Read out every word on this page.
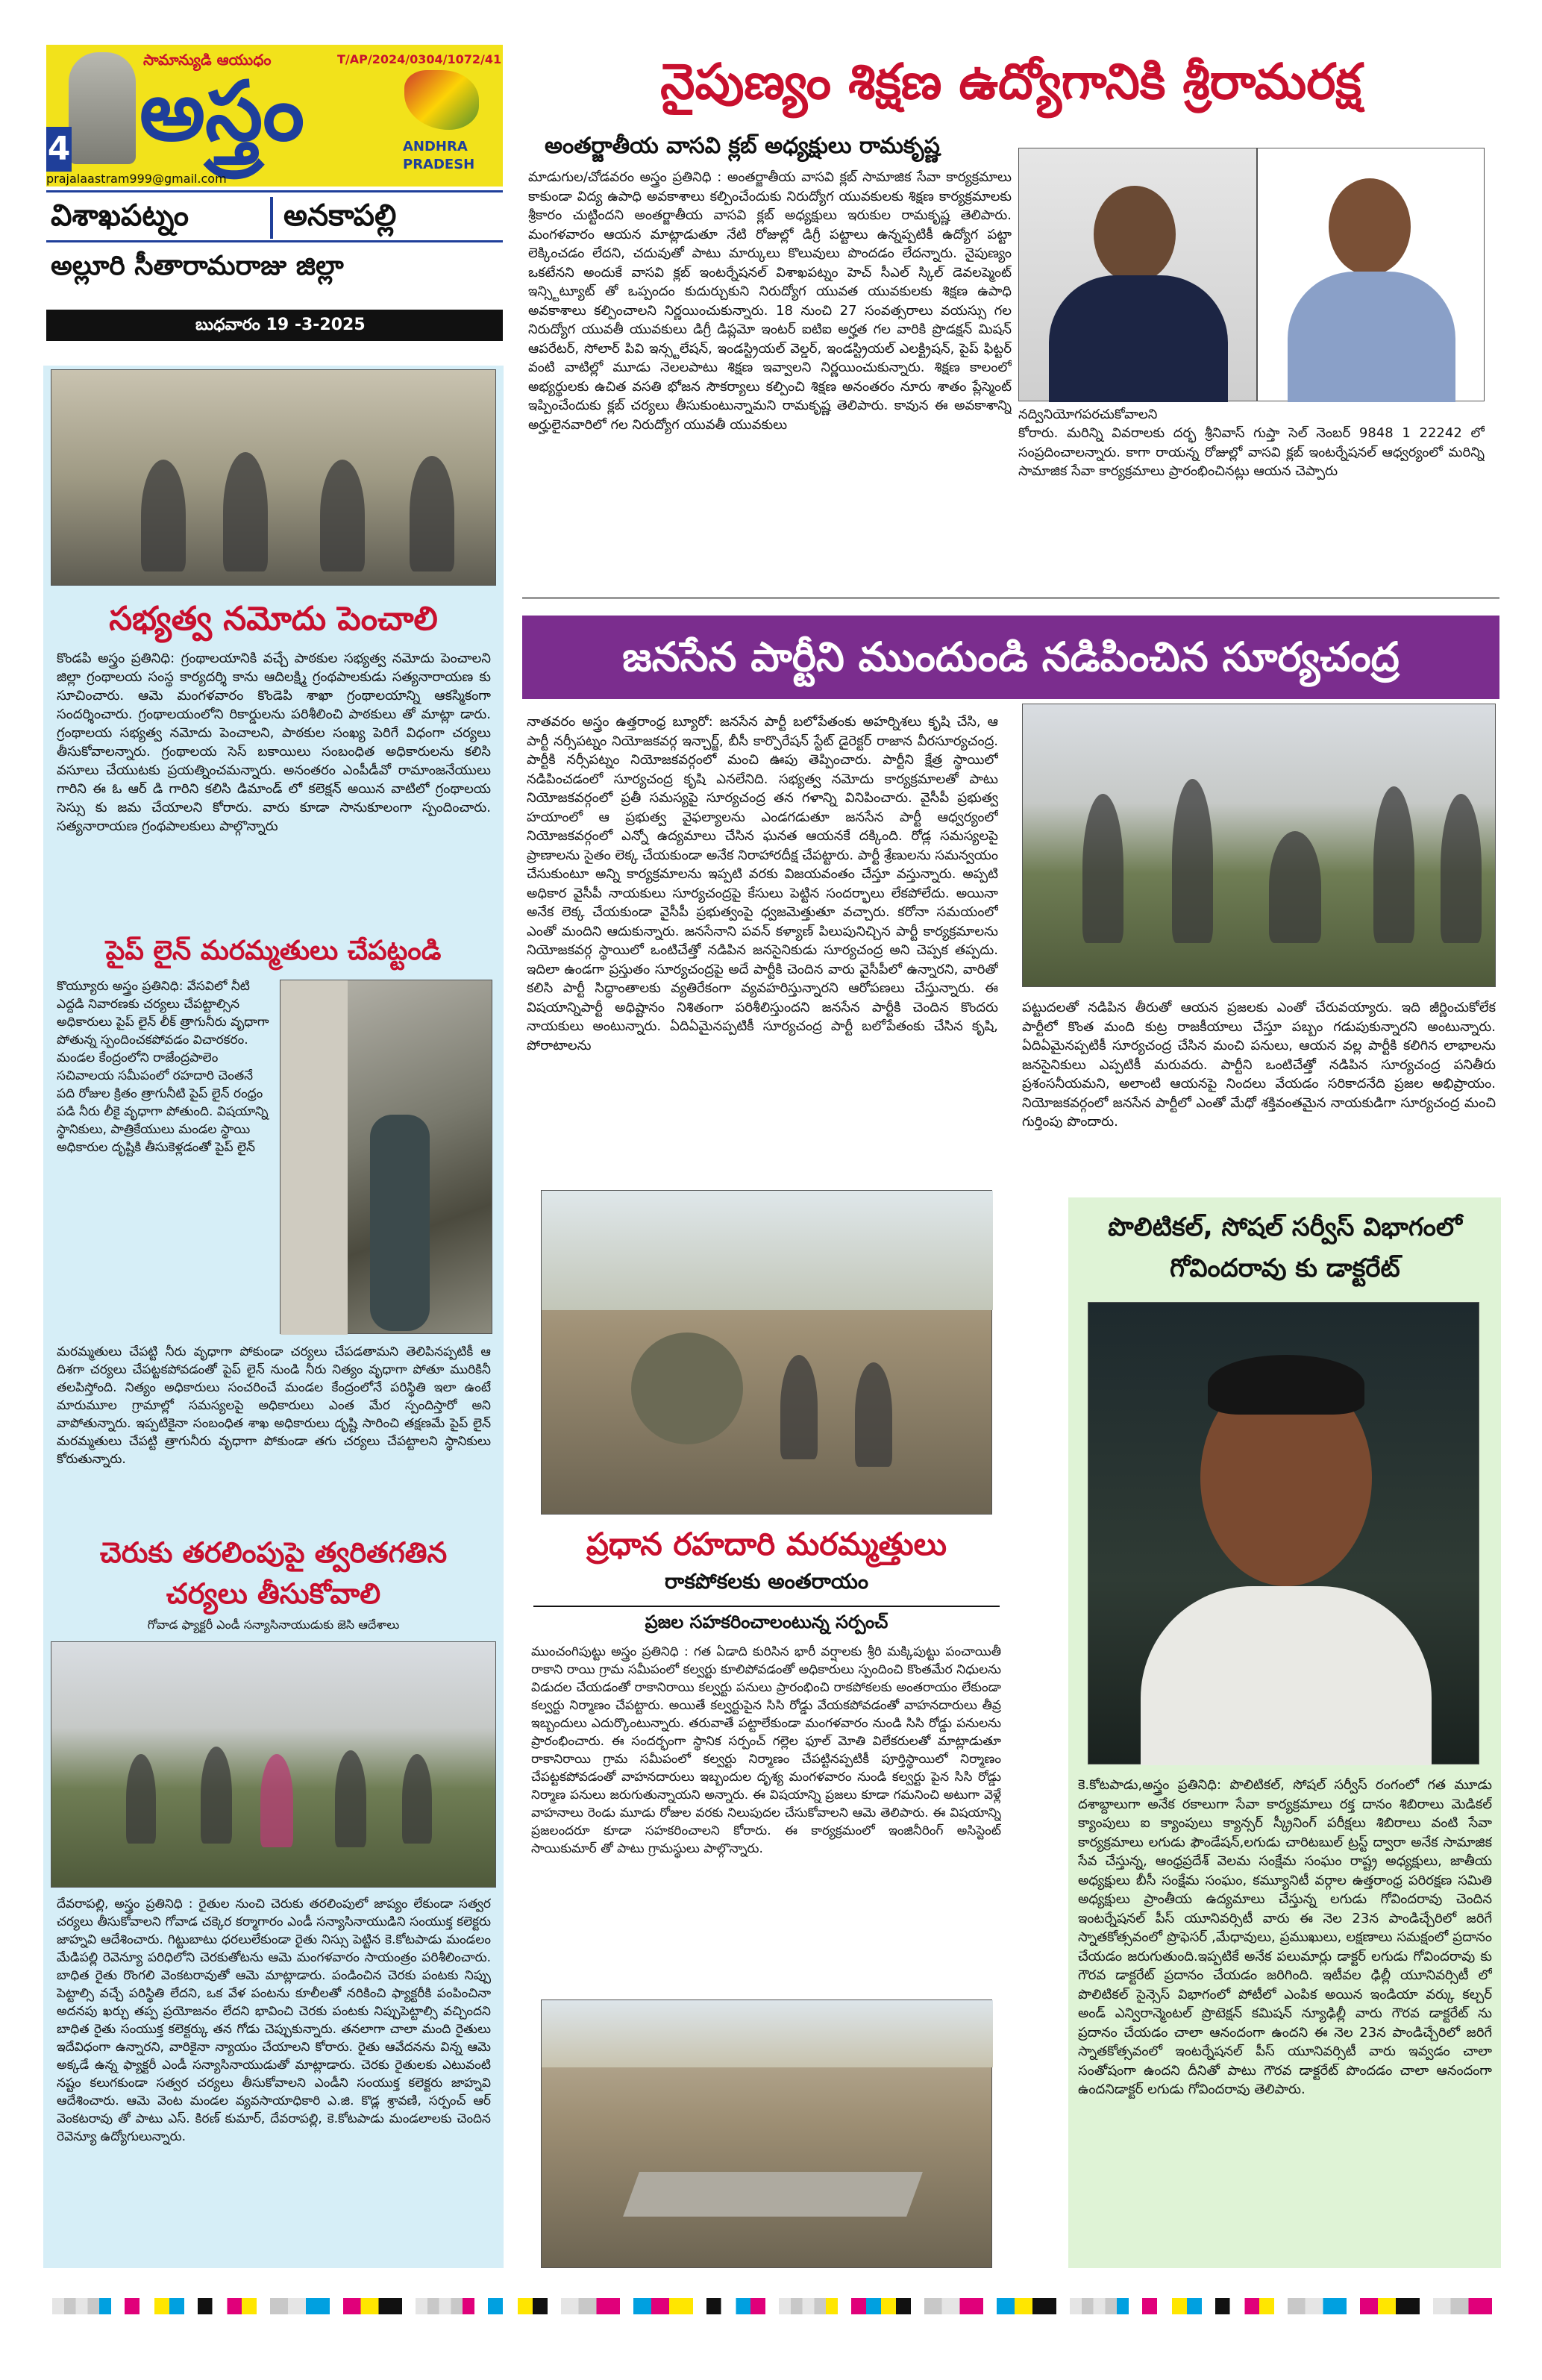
సామాన్యుడి ఆయుధం	T/AP/2024/0304/1072/41
అస్త్రం	ANDHRA PRADESH
4
prajalaastram999@gmail.com
విశాఖపట్నం	అనకాపల్లి
అల్లూరి సీతారామరాజు జిల్లా
బుధవారం 19 -3-2025
సభ్యత్వ నమోదు పెంచాలి
కొండపి అస్త్రం ప్రతినిధి: గ్రంథాలయానికి వచ్చే పాఠకుల సభ్యత్వ నమోదు పెంచాలని జిల్లా గ్రంథాలయ సంస్థ కార్యదర్శి కాను ఆదిలక్ష్మి గ్రంథపాలకుడు సత్యనారాయణ కు సూచించారు. ఆమె మంగళవారం కొండెపి శాఖా గ్రంథాలయాన్ని ఆకస్మికంగా సందర్శించారు. గ్రంథాలయంలోని రికార్డులను పరిశీలించి పాఠకులు తో మాట్లా డారు. గ్రంథాలయ సభ్యత్వ నమోదు పెంచాలని, పాఠకుల సంఖ్య పెరిగే విధంగా చర్యలు తీసుకోవాలన్నారు. గ్రంథాలయ సెస్ బకాయిలు సంబంధిత అధికారులను కలిసి వసూలు చేయుటకు ప్రయత్నించమన్నారు. అనంతరం ఎంపీడీవో రామాంజనేయులు గారిని ఈ ఓ ఆర్ డి గారిని కలిసి డిమాండ్ లో కలెక్షన్ అయిన వాటిలో గ్రంథాలయ సెస్సు కు జమ చేయాలని కోరారు. వారు కూడా సానుకూలంగా స్పందించారు. సత్యనారాయణ గ్రంథపాలకులు పాల్గొన్నారు
పైప్ లైన్ మరమ్మతులు చేపట్టండి
కొయ్యూరు అస్త్రం ప్రతినిధి: వేసవిలో నీటి ఎద్దడి నివారణకు చర్యలు చేపట్టాల్సిన అధికారులు పైప్ లైన్ లీక్ త్రాగునీరు వృధాగా పోతున్న స్పందించకపోవడం విచారకరం. మండల కేంద్రంలోని రాజేంద్రపాలెం సచివాలయ సమీపంలో రహదారి చెంతనే పది రోజుల క్రితం త్రాగునీటి పైప్ లైన్ రంధ్రం పడి నీరు లీకై వృధాగా పోతుంది. విషయాన్ని స్థానికులు, పాత్రికేయులు మండల స్థాయి అధికారుల దృష్టికి తీసుకెళ్లడంతో పైప్ లైన్
మరమ్మతులు చేపట్టి నీరు వృధాగా పోకుండా చర్యలు చేపడతామని తెలిపినప్పటికీ ఆ దిశగా చర్యలు చేపట్టకపోవడంతో పైప్ లైన్ నుండి నీరు నిత్యం వృధాగా పోతూ మురికినీ తలపిస్తోంది. నిత్యం అధికారులు సంచరించే మండల కేంద్రంలోనే పరిస్థితి ఇలా ఉంటే మారుమూల గ్రామాల్లో సమస్యలపై అధికారులు ఎంత మేర స్పందిస్తారో అని వాపోతున్నారు. ఇప్పటికైనా సంబంధిత శాఖ అధికారులు దృష్టి సారించి తక్షణమే పైప్ లైన్ మరమ్మతులు చేపట్టి త్రాగునీరు వృధాగా పోకుండా తగు చర్యలు చేపట్టాలని స్థానికులు కోరుతున్నారు.
చెరుకు తరలింపుపై త్వరితగతిన
చర్యలు తీసుకోవాలి
గోవాడ ఫ్యాక్టరీ ఎండీ సన్యాసినాయుడుకు జెసి ఆదేశాలు
దేవరాపల్లి, అస్త్రం ప్రతినిధి : రైతుల నుంచి చెరుకు తరలింపులో జాప్యం లేకుండా సత్వర చర్యలు తీసుకోవాలని గోవాడ చక్కెర కర్మాగారం ఎండీ సన్యాసినాయుడిని సంయుక్త కలెక్టరు జాహ్నవి ఆదేశించారు. గిట్టుబాటు ధరలులేకుండా రైతు నిస్సు పెట్టిన కె.కోటపాడు మండలం మేడిపల్లి రెవెన్యూ పరిధిలోని చెరకుతోటను ఆమె మంగళవారం సాయంత్రం పరిశీలించారు. బాధిత రైతు రొంగలి వెంకటరావుతో ఆమె మాట్లాడారు. పండించిన చెరకు పంటకు నిప్పు పెట్టాల్సి వచ్చే పరిస్థితి లేదని, ఒక వేళ పంటను కూలీలతో నరికించి ఫ్యాక్టరీకి పంపించినా అదనపు ఖర్చు తప్ప ప్రయోజనం లేదని భావించి చెరకు పంటకు నిప్పుపెట్టాల్సి వచ్చిందని బాధిత రైతు సంయుక్త కలెక్టర్కు తన గోడు చెప్పుకున్నారు. తనలాగా చాలా మంది రైతులు ఇదేవిధంగా ఉన్నారని, వారికైనా న్యాయం చేయాలని కోరారు. రైతు ఆవేదనను విన్న ఆమె అక్కడే ఉన్న ఫ్యాక్టరీ ఎండీ సన్యాసినాయుడుతో మాట్లాడారు. చెరకు రైతులకు ఎటువంటి నష్టం కలుగకుండా సత్వర చర్యలు తీసుకోవాలని ఎండీని సంయుక్త కలెక్టరు జాహ్నవి ఆదేశించారు. ఆమె వెంట మండల వ్యవసాయాధికారి ఎ.జి. కొడ్ల శ్రావణి, సర్పంచ్ ఆర్ వెంకటరావు తో పాటు ఎస్. కిరణ్ కుమార్, దేవరాపల్లి, కె.కోటపాడు మండలాలకు చెందిన రెవెన్యూ ఉద్యోగులున్నారు.
నైపుణ్యం శిక్షణ ఉద్యోగానికి శ్రీరామరక్ష
అంతర్జాతీయ వాసవి క్లబ్ అధ్యక్షులు రామకృష్ణ
మాడుగుల/చోడవరం అస్త్రం ప్రతినిధి : అంతర్జాతీయ వాసవి క్లబ్ సామాజిక సేవా కార్యక్రమాలు కాకుండా విద్య ఉపాధి అవకాశాలు కల్పించేందుకు నిరుద్యోగ యువకులకు శిక్షణ కార్యక్రమాలకు శ్రీకారం చుట్టిందని అంతర్జాతీయ వాసవి క్లబ్ అధ్యక్షులు ఇరుకుల రామకృష్ణ తెలిపారు. మంగళవారం ఆయన మాట్లాడుతూ నేటి రోజుల్లో డిగ్రీ పట్టాలు ఉన్నప్పటికీ ఉద్యోగ పట్టా లెక్కించడం లేదని, చదువుతో పాటు మార్కులు కొలువులు పొందడం లేదన్నారు. నైపుణ్యం ఒకటేనని అందుకే వాసవి క్లబ్ ఇంటర్నేషనల్ విశాఖపట్నం హెచ్ సీఎల్ స్కిల్ డెవలప్మెంట్ ఇన్స్టిట్యూట్ తో ఒప్పందం కుదుర్చుకుని నిరుద్యోగ యువత యువకులకు శిక్షణ ఉపాధి అవకాశాలు కల్పించాలని నిర్ణయించుకున్నారు. 18 నుంచి 27 సంవత్సరాలు వయస్సు గల నిరుద్యోగ యువతీ యువకులు డిగ్రీ డిప్లమో ఇంటర్ ఐటిఐ అర్హత గల వారికి ప్రొడక్షన్ మిషన్ ఆపరేటర్, సోలార్ పివి ఇన్స్టలేషన్, ఇండస్ట్రియల్ వెల్డర్, ఇండస్ట్రియల్ ఎలక్ట్రిషన్, పైప్ ఫిట్టర్ వంటి వాటిల్లో మూడు నెలలపాటు శిక్షణ ఇవ్వాలని నిర్ణయించుకున్నారు. శిక్షణ కాలంలో అభ్యర్థులకు ఉచిత వసతి భోజన సౌకర్యాలు కల్పించి శిక్షణ అనంతరం నూరు శాతం ప్లేస్మెంట్ ఇప్పించేందుకు క్లబ్ చర్యలు తీసుకుంటున్నామని రామకృష్ణ తెలిపారు. కావున ఈ అవకాశాన్ని అర్హులైనవారిలో గల నిరుద్యోగ యువతీ యువకులు
నద్వినియోగపరచుకోవాలని
కోరారు. మరిన్ని వివరాలకు దర్భ శ్రీనివాస్ గుప్తా సెల్ నెంబర్ 9848 1 22242 లో సంప్రదించాలన్నారు. కాగా రాయన్న రోజుల్లో వాసవి క్లబ్ ఇంటర్నేషనల్ ఆధ్వర్యంలో మరిన్ని సామాజిక సేవా కార్యక్రమాలు ప్రారంభించినట్లు ఆయన చెప్పారు
జనసేన పార్టీని ముందుండి నడిపించిన సూర్యచంద్ర
నాతవరం అస్త్రం ఉత్తరాంధ్ర బ్యూరో: జనసేన పార్టీ బలోపేతంకు అహర్నిశలు కృషి చేసి, ఆ పార్టీ నర్సీపట్నం నియోజకవర్గ ఇన్చార్జ్, బీసీ కార్పొరేషన్ స్టేట్ డైరెక్టర్ రాజాన వీరసూర్యచంద్ర. పార్టీకి నర్సీపట్నం నియోజకవర్గంలో మంచి ఊపు తెప్పించారు. పార్టీని క్షేత్ర స్థాయిలో నడిపించడంలో సూర్యచంద్ర కృషి ఎనలేనిది. సభ్యత్వ నమోదు కార్యక్రమాలతో పాటు నియోజకవర్గంలో ప్రతీ సమస్యపై సూర్యచంద్ర తన గళాన్ని వినిపించారు. వైసీపీ ప్రభుత్వ హయాంలో ఆ ప్రభుత్వ వైఫల్యాలను ఎండగడుతూ జనసేన పార్టీ ఆధ్వర్యంలో నియోజకవర్గంలో ఎన్నో ఉద్యమాలు చేసిన ఘనత ఆయనకే దక్కింది. రోడ్ల సమస్యలపై ప్రాణాలను సైతం లెక్క చేయకుండా అనేక నిరాహారదీక్ష చేపట్టారు. పార్టీ శ్రేణులను సమన్వయం చేసుకుంటూ అన్ని కార్యక్రమాలను ఇప్పటి వరకు విజయవంతం చేస్తూ వస్తున్నారు. అప్పటి అధికార వైసీపీ నాయకులు సూర్యచంద్రపై కేసులు పెట్టిన సందర్భాలు లేకపోలేదు. అయినా అనేక లెక్క చేయకుండా వైసీపీ ప్రభుత్వంపై ధ్వజమెత్తుతూ వచ్చారు. కరోనా సమయంలో ఎంతో మందిని ఆదుకున్నారు. జనసేనాని పవన్ కళ్యాణ్ పిలుపునిచ్చిన పార్టీ కార్యక్రమాలను నియోజకవర్గ స్థాయిలో ఒంటిచేత్తో నడిపిన జనసైనికుడు సూర్యచంద్ర అని చెప్పక తప్పదు. ఇదిలా ఉండగా ప్రస్తుతం సూర్యచంద్రపై అదే పార్టీకి చెందిన వారు వైసీపీలో ఉన్నారని, వారితో కలిసి పార్టీ సిద్ధాంతాలకు వ్యతిరేకంగా వ్యవహరిస్తున్నారని ఆరోపణలు చేస్తున్నారు. ఈ విషయాన్నిపార్టీ అధిష్టానం నిశితంగా పరిశీలిస్తుందని జనసేన పార్టీకి చెందిన కొందరు నాయకులు అంటున్నారు. ఏదిఏమైనప్పటికీ సూర్యచంద్ర పార్టీ బలోపేతంకు చేసిన కృషి, పోరాటాలను
పట్టుదలతో నడిపిన తీరుతో ఆయన ప్రజలకు ఎంతో చేరువయ్యారు. ఇది జీర్ణించుకోలేక పార్టీలో కొంత మంది కుట్ర రాజకీయాలు చేస్తూ పబ్బం గడుపుకున్నారని అంటున్నారు. ఏదిఏమైనప్పటికీ సూర్యచంద్ర చేసిన మంచి పనులు, ఆయన వల్ల పార్టీకి కలిగిన లాభాలను జనసైనికులు ఎప్పటికీ మరువరు. పార్టీని ఒంటిచేత్తో నడిపిన సూర్యచంద్ర పనితీరు ప్రశంసనీయమని, అలాంటి ఆయనపై నిందలు వేయడం సరికాదనేది ప్రజల అభిప్రాయం. నియోజకవర్గంలో జనసేన పార్టీలో ఎంతో మేధో శక్తివంతమైన నాయకుడిగా సూర్యచంద్ర మంచి గుర్తింపు పొందారు.
ప్రధాన రహదారి మరమ్మత్తులు
రాకపోకలకు అంతరాయం
ప్రజల సహకరించాలంటున్న సర్పంచ్
ముంచంగిపుట్టు అస్త్రం ప్రతినిధి : గత ఏడాది కురిసిన భారీ వర్షాలకు శ్రీరి మక్కిపుట్టు పంచాయితీ రాకాని రాయి గ్రామ సమీపంలో కల్వర్టు కూలిపోవడంతో అధికారులు స్పందించి కొంతమేర నిధులను విడుదల చేయడంతో రాకానిరాయి కల్వర్టు పనులు ప్రారంభించి రాకపోకలకు అంతరాయం లేకుండా కల్వర్టు నిర్మాణం చేపట్టారు. అయితే కల్వర్టుపైన సిసి రోడ్డు వేయకపోవడంతో వాహనదారులు తీవ్ర ఇబ్బందులు ఎదుర్కొంటున్నారు. తరువాతే పట్టాలేకుండా మంగళవారం నుండి సిసి రోడ్డు పనులను ప్రారంభించారు. ఈ సందర్భంగా స్థానిక సర్పంచ్ గల్లెల ఫూల్ మోతి విలేకరులతో మాట్లాడుతూ రాకానిరాయి గ్రామ సమీపంలో కల్వర్టు నిర్మాణం చేపట్టినప్పటికీ పూర్తిస్థాయిలో నిర్మాణం చేపట్టకపోవడంతో వాహనదారులు ఇబ్బందుల దృశ్య మంగళవారం నుండి కల్వర్టు పైన సిసి రోడ్డు నిర్మాణ పనులు జరుగుతున్నాయని అన్నారు. ఈ విషయాన్ని ప్రజలు కూడా గమనించి అటుగా వెళ్లే వాహనాలు రెండు మూడు రోజుల వరకు నిలుపుదల చేసుకోవాలని ఆమె తెలిపారు. ఈ విషయాన్ని ప్రజలందరూ కూడా సహకరించాలని కోరారు. ఈ కార్యక్రమంలో ఇంజినీరింగ్ అసిస్టెంట్ సాయికుమార్ తో పాటు గ్రామస్థులు పాల్గొన్నారు.
పొలిటికల్, సోషల్ సర్వీస్ విభాగంలో
గోవిందరావు కు డాక్టరేట్
కె.కోటపాడు,అస్త్రం ప్రతినిధి: పొలిటికల్, సోషల్ సర్వీస్ రంగంలో గత మూడు దశాబ్దాలుగా అనేక రకాలుగా సేవా కార్యక్రమాలు రక్త దానం శిబిరాలు మెడికల్ క్యాంపులు ఐ క్యాంపులు క్యాన్సర్ స్క్రీనింగ్ పరీక్షలు శిబిరాలు వంటి సేవా కార్యక్రమాలు లగుడు ఫౌండేషన్,లగుడు చారిటబుల్ ట్రస్ట్ ద్వారా అనేక సామాజిక సేవ చేస్తున్న, ఆంధ్రప్రదేశ్ వెలమ సంక్షేమ సంఘం రాష్ట్ర అధ్యక్షులు, జాతీయ అధ్యక్షులు బీసీ సంక్షేమ సంఘం, కమ్యూనిటీ వర్గాల ఉత్తరాంధ్ర పరిరక్షణ సమితి అధ్యక్షులు ప్రాంతీయ ఉద్యమాలు చేస్తున్న లగుడు గోవిందరావు చెందిన ఇంటర్నేషనల్ పీస్ యూనివర్సిటీ వారు ఈ నెల 23న పాండిచ్చేరిలో జరిగే స్నాతకోత్సవంలో ప్రొఫెసర్ ,మేధావులు, ప్రముఖులు, లక్షణాలు సమక్షంలో ప్రదానం చేయడం జరుగుతుంది.ఇప్పటికే అనేక పలుమార్లు డాక్టర్ లగుడు గోవిందరావు కు గౌరవ డాక్టరేట్ ప్రదానం చేయడం జరిగింది. ఇటీవల ఢిల్లీ యూనివర్సిటీ లో పొలిటికల్ సైన్సెస్ విభాగంలో పోటీలో ఎంపిక అయిన ఇండియా వర్కు కల్చర్ అండ్ ఎన్విరాన్మెంటల్ ప్రొటెక్షన్ కమిషన్ న్యూఢిల్లీ వారు గౌరవ డాక్టరేట్ ను ప్రదానం చేయడం చాలా ఆనందంగా ఉందని ఈ నెల 23న పాండిచ్చేరిలో జరిగే స్నాతకోత్సవంలో ఇంటర్నేషనల్ పీస్ యూనివర్సిటీ వారు ఇవ్వడం చాలా సంతోషంగా ఉందని దీనితో పాటు గౌరవ డాక్టరేట్ పొందడం చాలా ఆనందంగా ఉందనిడాక్టర్ లగుడు గోవిందరావు తెలిపారు.
